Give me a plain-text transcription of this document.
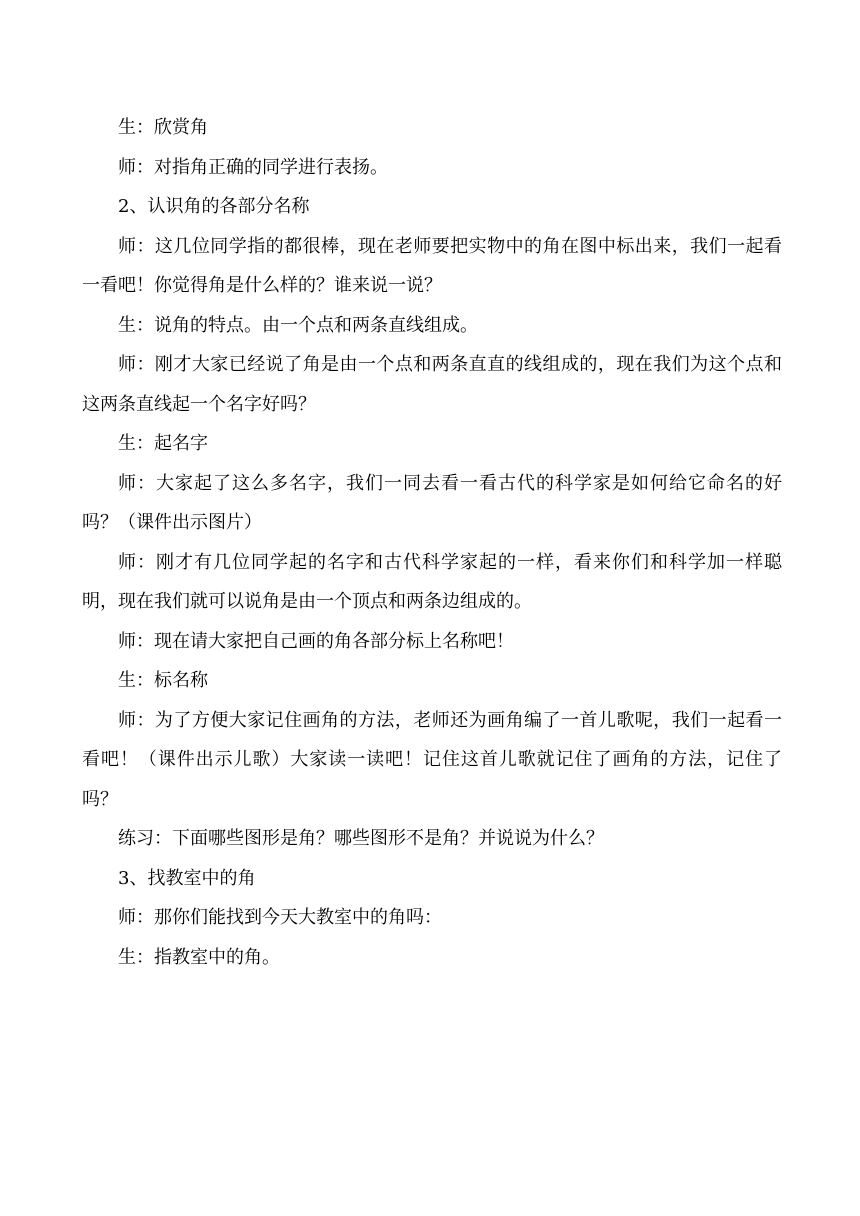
生：欣赏角

师：对指角正确的同学进行表扬。

2、认识角的各部分名称

师：这几位同学指的都很棒，现在老师要把实物中的角在图中标出来，我们一起看一看吧！你觉得角是什么样的？谁来说一说？

生：说角的特点。由一个点和两条直线组成。

师：刚才大家已经说了角是由一个点和两条直直的线组成的，现在我们为这个点和这两条直线起一个名字好吗？

生：起名字

师：大家起了这么多名字，我们一同去看一看古代的科学家是如何给它命名的好吗？（课件出示图片）

师：刚才有几位同学起的名字和古代科学家起的一样，看来你们和科学加一样聪明，现在我们就可以说角是由一个顶点和两条边组成的。

师：现在请大家把自己画的角各部分标上名称吧！

生：标名称

师：为了方便大家记住画角的方法，老师还为画角编了一首儿歌呢，我们一起看一看吧！（课件出示儿歌）大家读一读吧！记住这首儿歌就记住了画角的方法，记住了吗？

练习：下面哪些图形是角？哪些图形不是角？并说说为什么？

3、找教室中的角

师：那你们能找到今天大教室中的角吗：

生：指教室中的角。
